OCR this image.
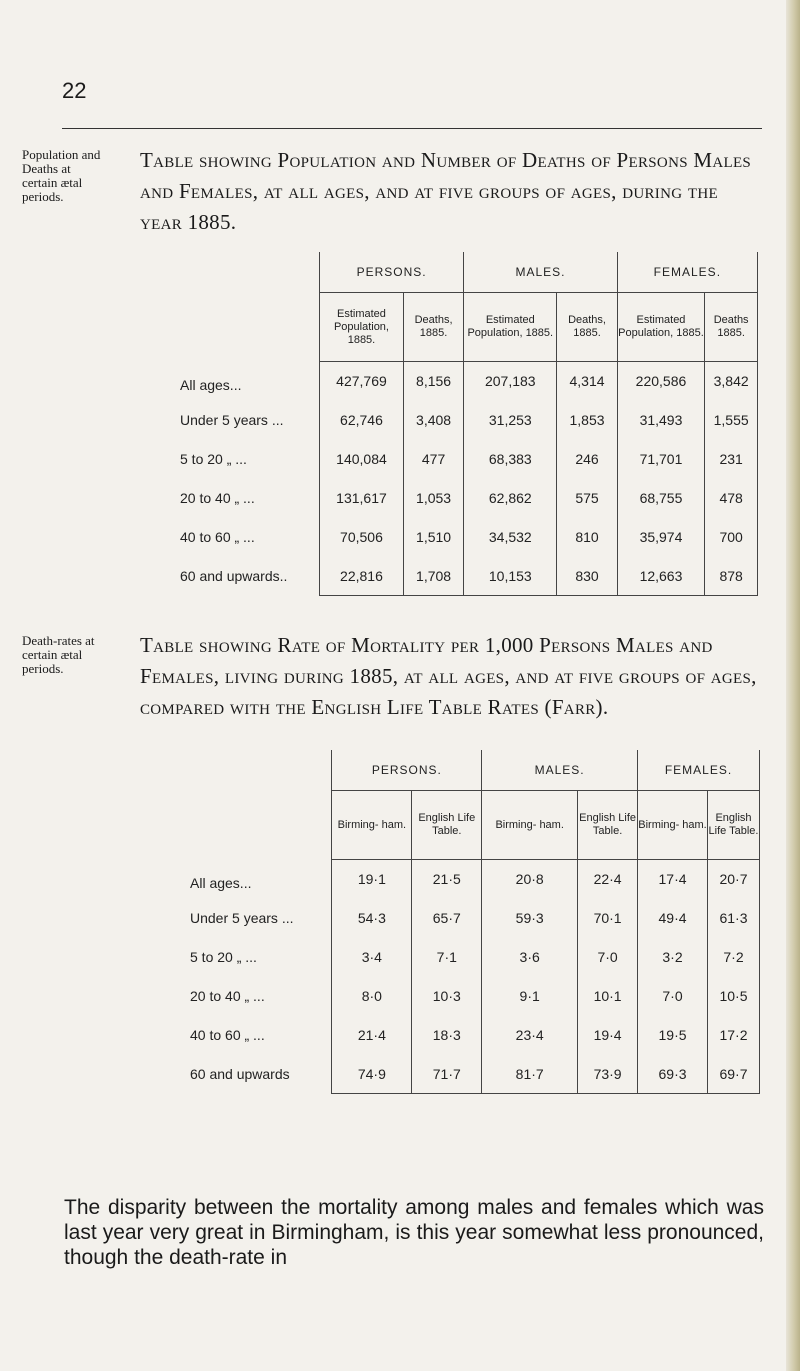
22
Population and Deaths at certain ætal periods.
Table showing Population and Number of Deaths of Persons Males and Females, at all ages, and at five groups of ages, during the year 1885.
	PERSONS.		MALES.		FEMALES.	
	Estimated Population, 1885.	Deaths, 1885.	Estimated Population, 1885.	Deaths, 1885.	Estimated Population, 1885.	Deaths 1885.
All ages...	427,769	8,156	207,183	4,314	220,586	3,842
Under 5 years ...	62,746	3,408	31,253	1,853	31,493	1,555
5 to 20 „ ...	140,084	477	68,383	246	71,701	231
20 to 40 „ ...	131,617	1,053	62,862	575	68,755	478
40 to 60 „ ...	70,506	1,510	34,532	810	35,974	700
60 and upwards..	22,816	1,708	10,153	830	12,663	878
Death-rates at certain ætal periods.
Table showing Rate of Mortality per 1,000 Persons Males and Females, living during 1885, at all ages, and at five groups of ages, compared with the English Life Table Rates (Farr).
	PERSONS.		MALES.		FEMALES.	
	Birming- ham.	English Life Table.	Birming- ham.	English Life Table.	Birming- ham.	English Life Table.
All ages...	19·1	21·5	20·8	22·4	17·4	20·7
Under 5 years ...	54·3	65·7	59·3	70·1	49·4	61·3
5 to 20 „ ...	3·4	7·1	3·6	7·0	3·2	7·2
20 to 40 „ ...	8·0	10·3	9·1	10·1	7·0	10·5
40 to 60 „ ...	21·4	18·3	23·4	19·4	19·5	17·2
60 and upwards	74·9	71·7	81·7	73·9	69·3	69·7
The disparity between the mortality among males and females which was last year very great in Birmingham, is this year somewhat less pronounced, though the death-rate in
